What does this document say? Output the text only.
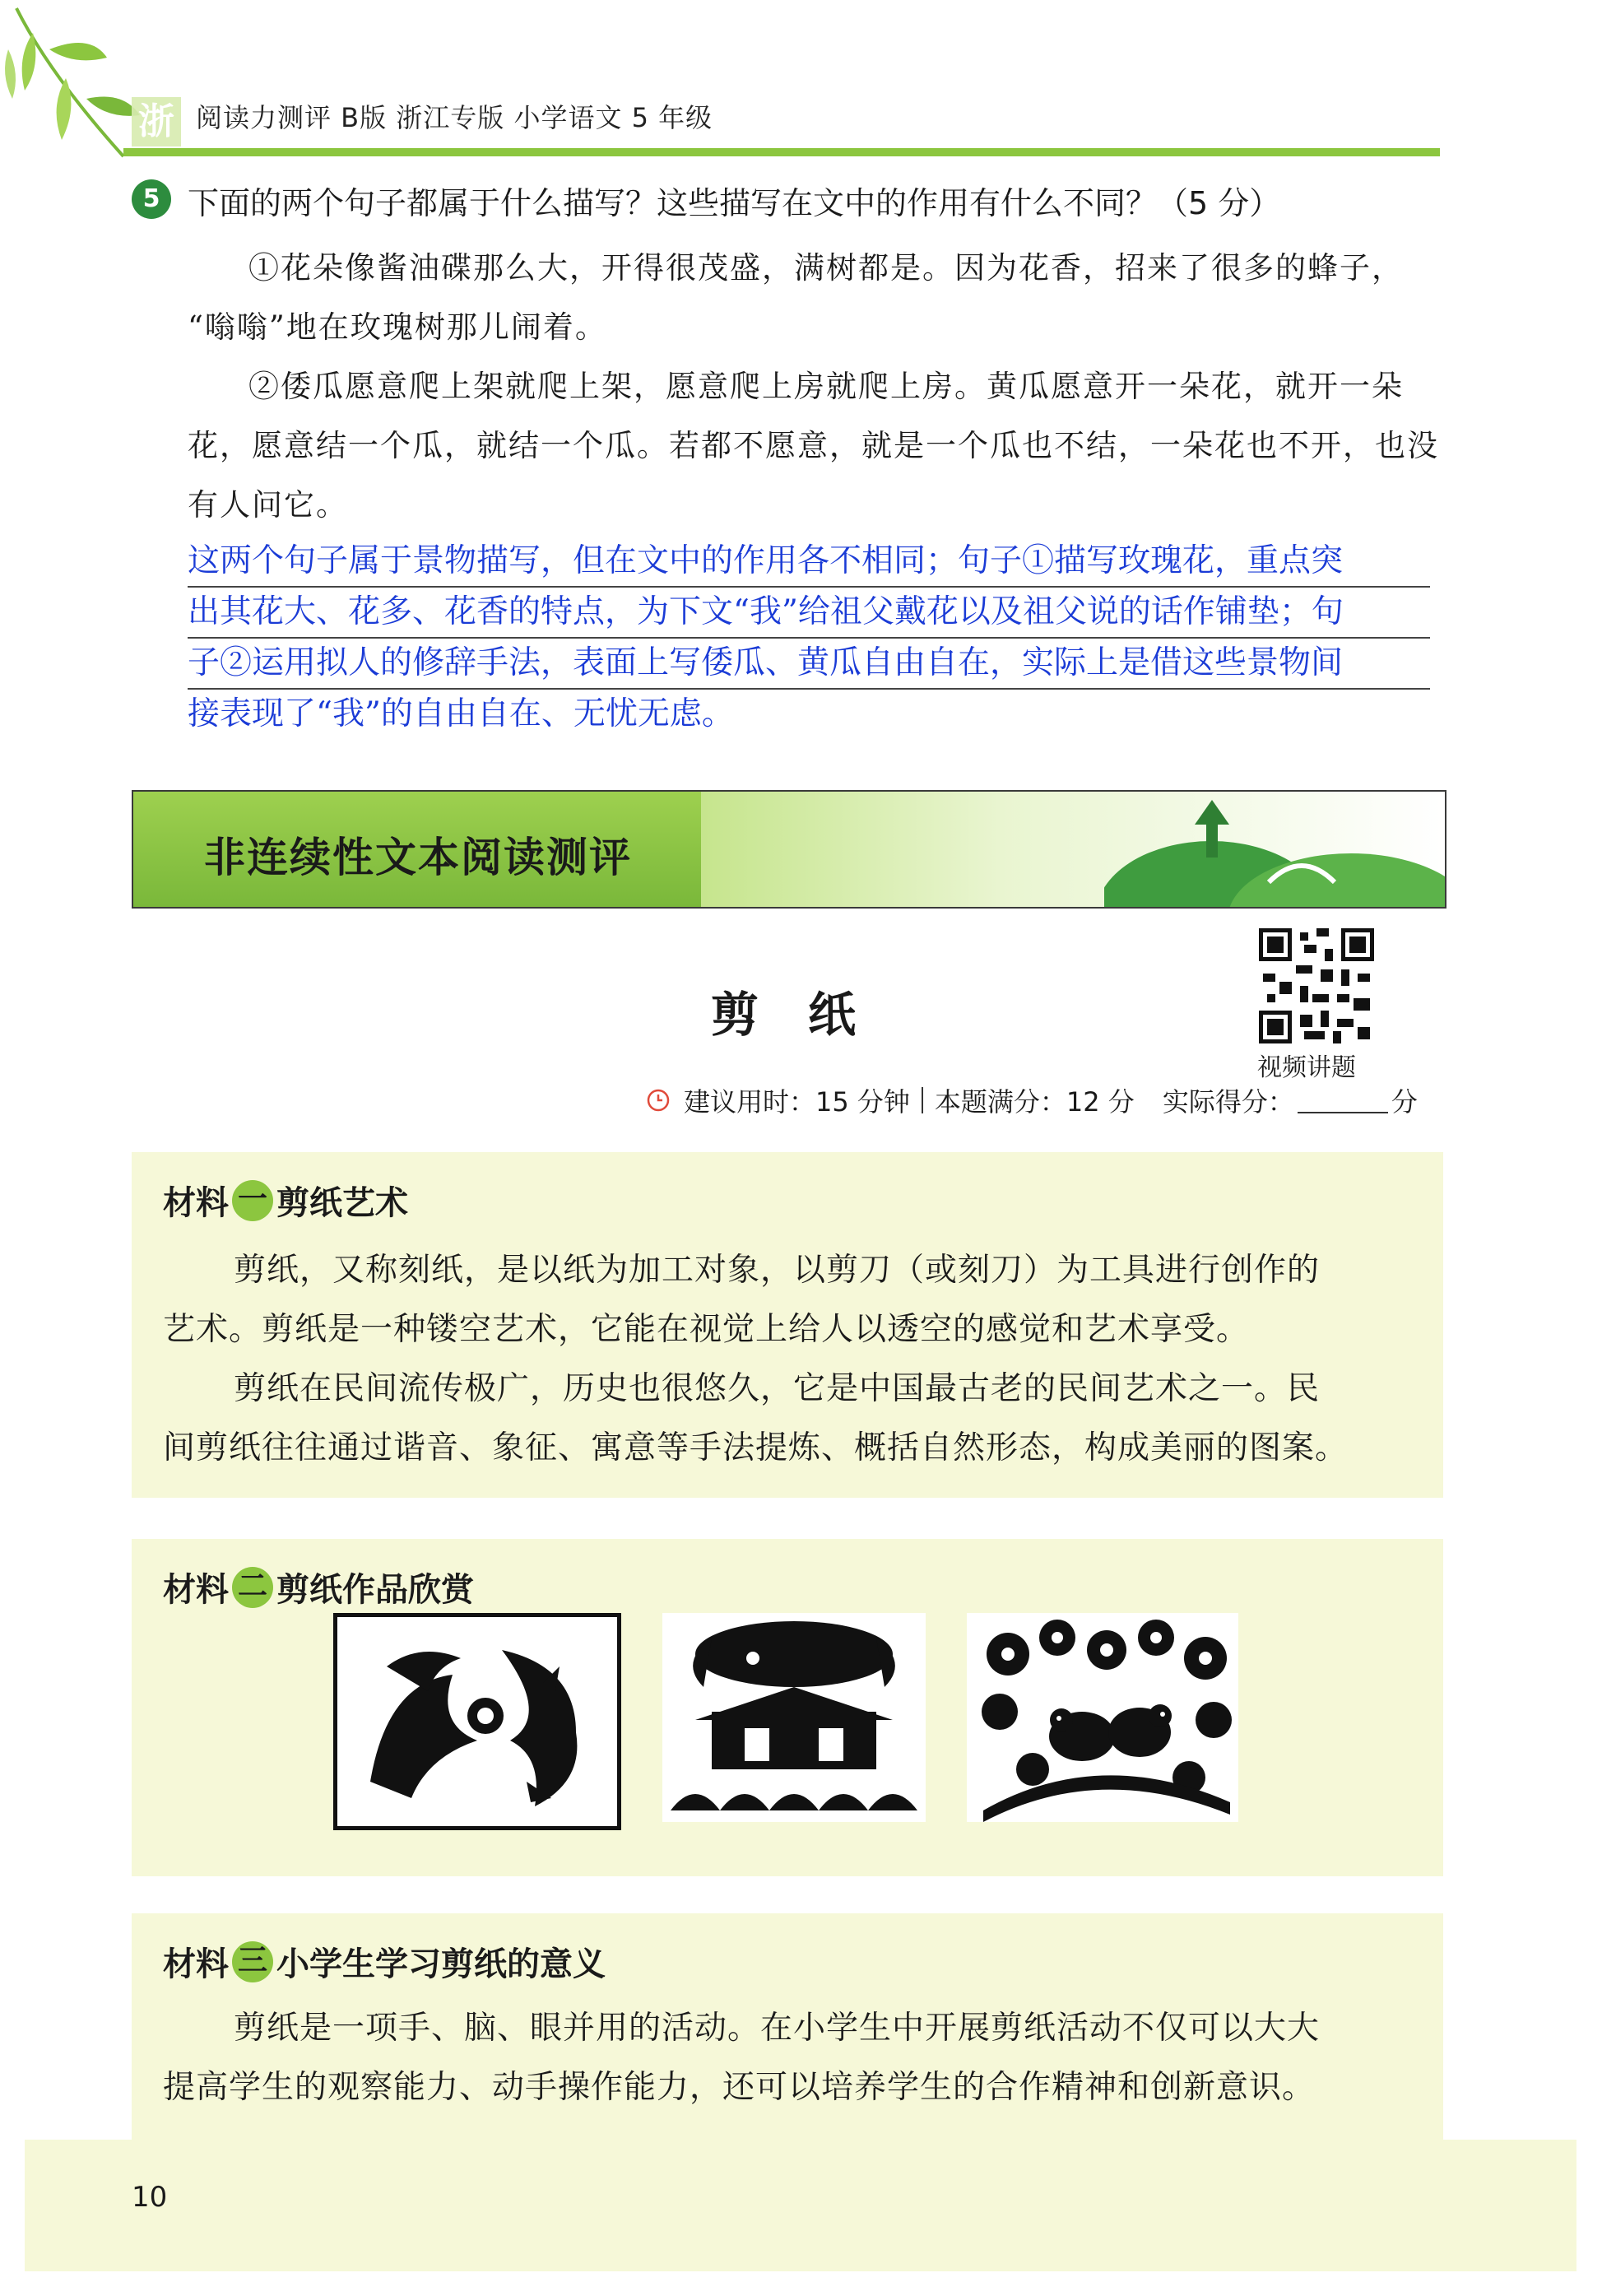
浙 阅读力测评 B版 浙江专版 小学语文 5 年级
5 下面的两个句子都属于什么描写？这些描写在文中的作用有什么不同？（5 分）

①花朵像酱油碟那么大，开得很茂盛，满树都是。因为花香，招来了很多的蜂子，

“嗡嗡”地在玫瑰树那儿闹着。

②倭瓜愿意爬上架就爬上架，愿意爬上房就爬上房。黄瓜愿意开一朵花，就开一朵

花，愿意结一个瓜，就结一个瓜。若都不愿意，就是一个瓜也不结，一朵花也不开，也没

有人问它。

这两个句子属于景物描写，但在文中的作用各不相同；句子①描写玫瑰花，重点突
出其花大、花多、花香的特点，为下文“我”给祖父戴花以及祖父说的话作铺垫；句
子②运用拟人的修辞手法，表面上写倭瓜、黄瓜自由自在，实际上是借这些景物间
接表现了“我”的自由自在、无忧无虑。
非连续性文本阅读测评
视频讲题
剪纸
建议用时：15 分钟 本题满分：12 分 实际得分：	分
材料 一 剪纸艺术

剪纸，又称刻纸，是以纸为加工对象，以剪刀（或刻刀）为工具进行创作的

艺术。剪纸是一种镂空艺术，它能在视觉上给人以透空的感觉和艺术享受。

剪纸在民间流传极广，历史也很悠久，它是中国最古老的民间艺术之一。民

间剪纸往往通过谐音、象征、寓意等手法提炼、概括自然形态，构成美丽的图案。

材料 二 剪纸作品欣赏
材料 三 小学生学习剪纸的意义

剪纸是一项手、脑、眼并用的活动。在小学生中开展剪纸活动不仅可以大大

提高学生的观察能力、动手操作能力，还可以培养学生的合作精神和创新意识。

10
